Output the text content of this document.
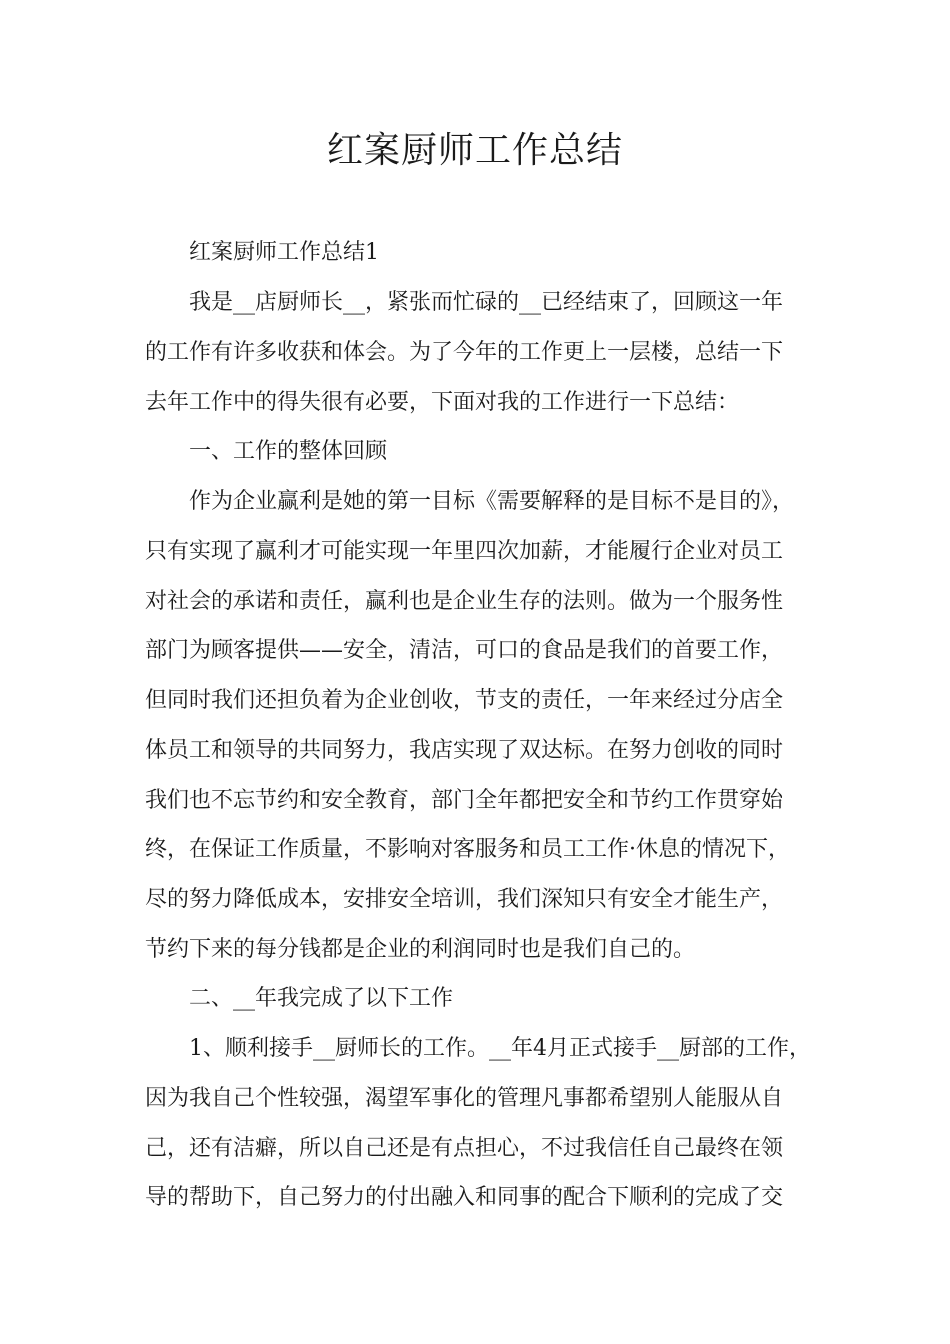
红案厨师工作总结

红案厨师工作总结1

我是__店厨师长__，紧张而忙碌的__已经结束了，回顾这一年

的工作有许多收获和体会。为了今年的工作更上一层楼，总结一下

去年工作中的得失很有必要，下面对我的工作进行一下总结：

一、工作的整体回顾

作为企业赢利是她的第一目标《需要解释的是目标不是目的》，

只有实现了赢利才可能实现一年里四次加薪，才能履行企业对员工

对社会的承诺和责任，赢利也是企业生存的法则。做为一个服务性

部门为顾客提供——安全，清洁，可口的食品是我们的首要工作，

但同时我们还担负着为企业创收，节支的责任，一年来经过分店全

体员工和领导的共同努力，我店实现了双达标。在努力创收的同时

我们也不忘节约和安全教育，部门全年都把安全和节约工作贯穿始

终，在保证工作质量，不影响对客服务和员工工作·休息的情况下，

尽的努力降低成本，安排安全培训，我们深知只有安全才能生产，

节约下来的每分钱都是企业的利润同时也是我们自己的。

二、__年我完成了以下工作

1、顺利接手__厨师长的工作。__年4月正式接手__厨部的工作，

因为我自己个性较强，渴望军事化的管理凡事都希望别人能服从自

己，还有洁癖，所以自己还是有点担心，不过我信任自己最终在领

导的帮助下，自己努力的付出融入和同事的配合下顺利的完成了交
